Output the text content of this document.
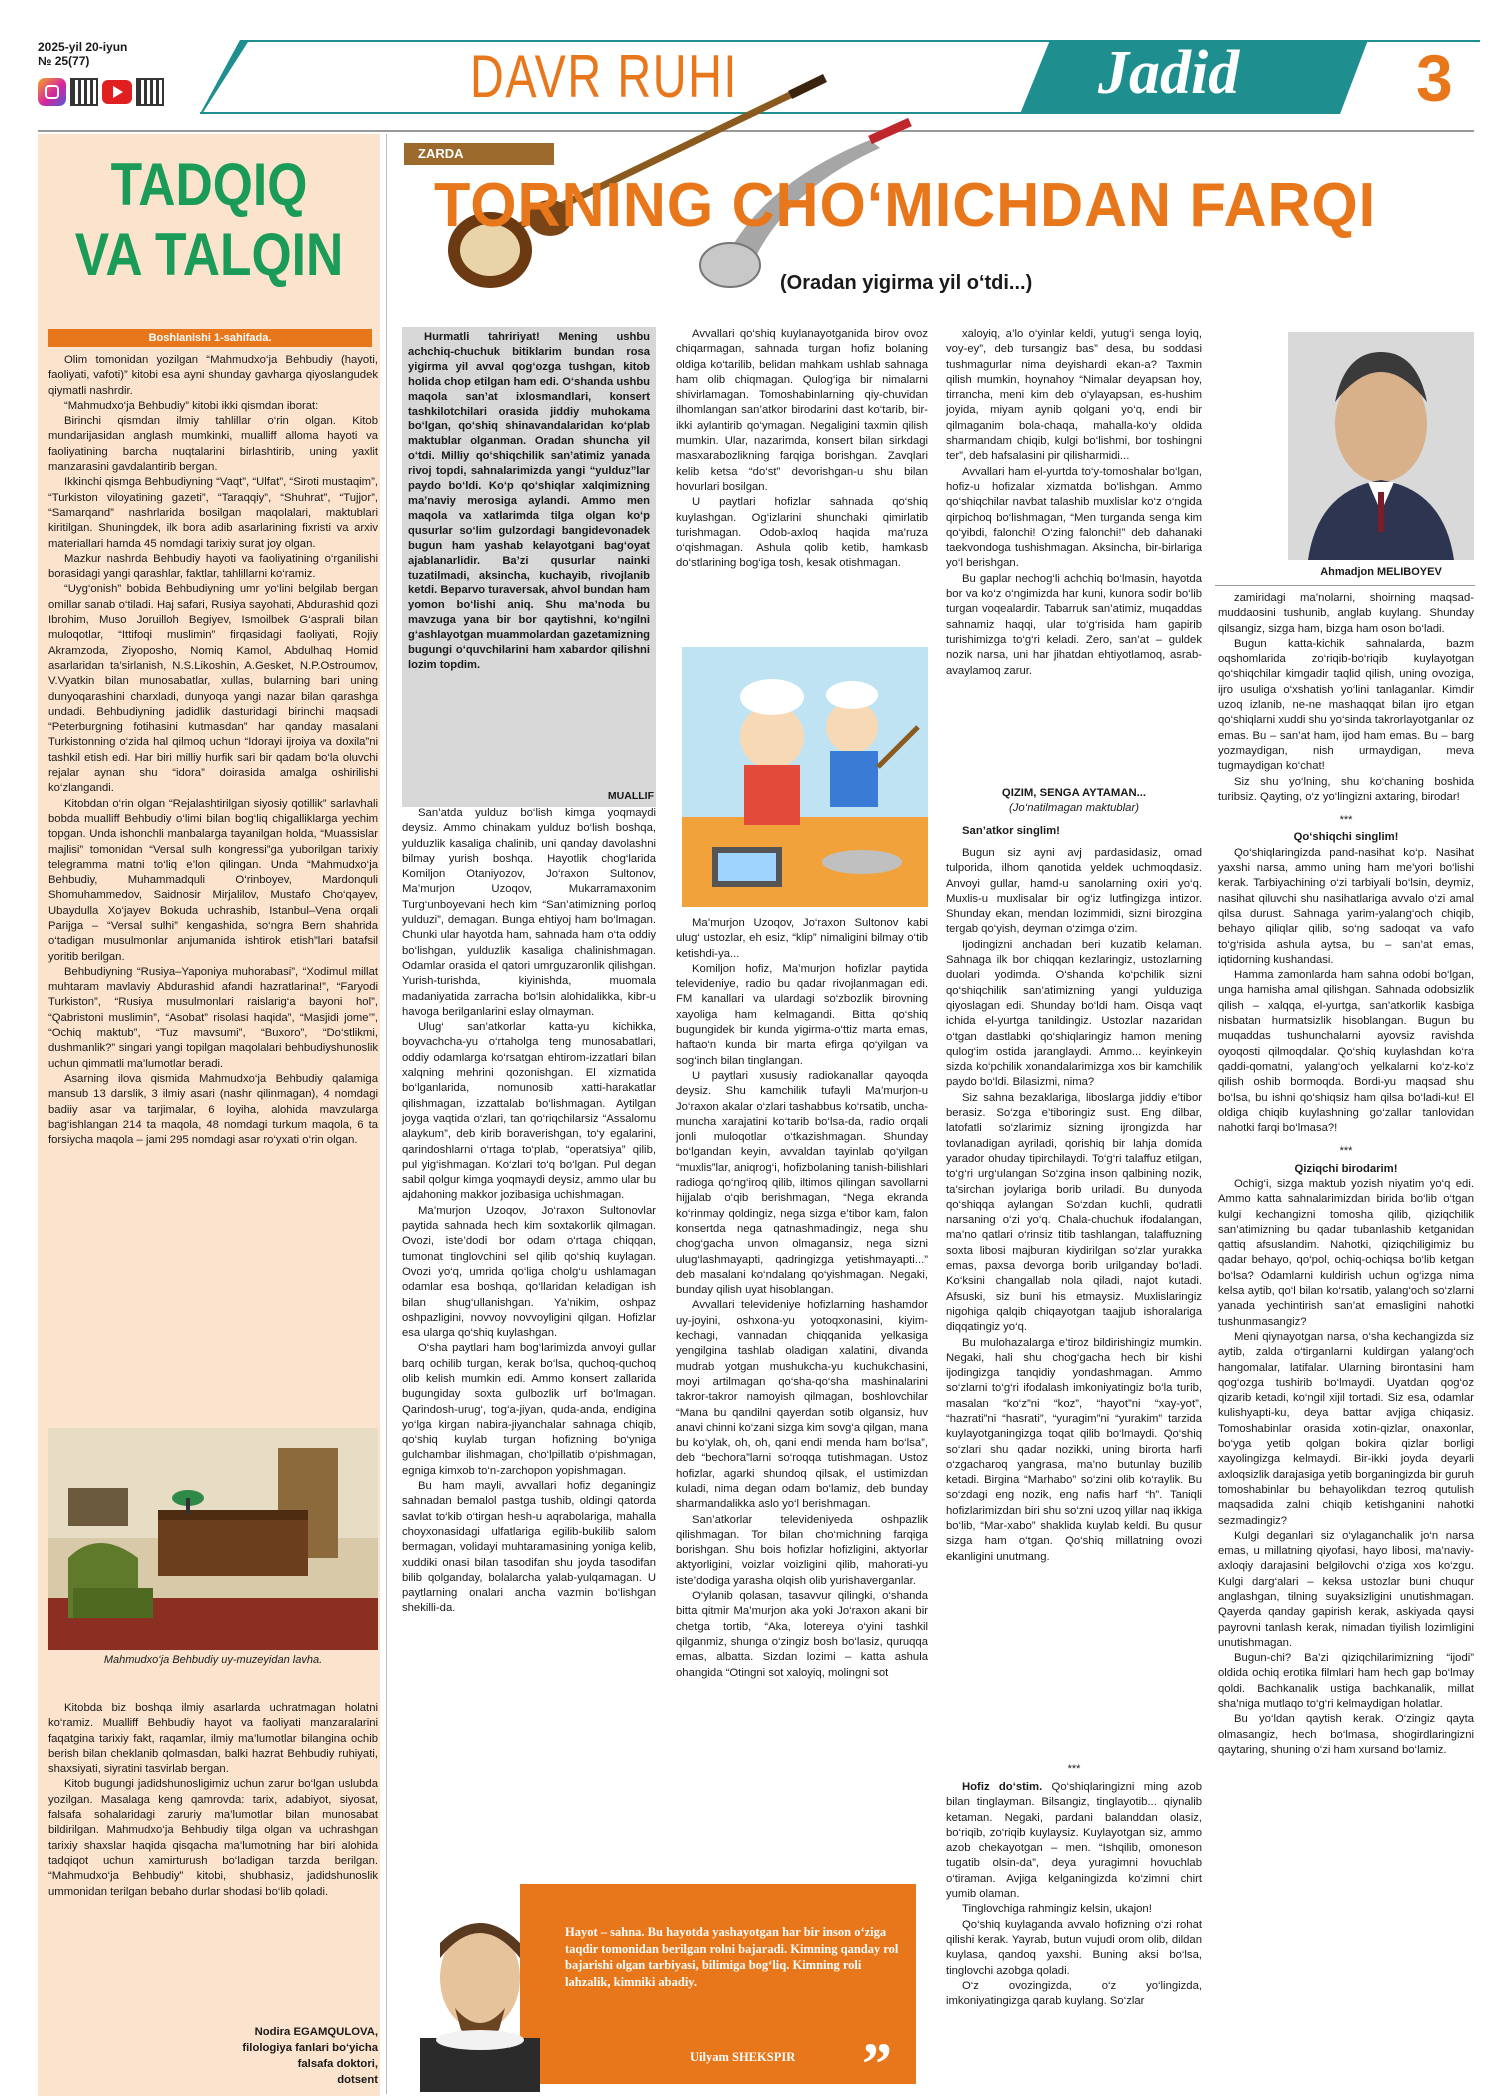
2025-yil 20-iyun
№ 25(77)	DAVR RUHI	Jadid	3
TADQIQ VA TALQIN
Boshlanishi 1-sahifada.

Olim tomonidan yozilgan “Mahmudxo‘ja Behbudiy (hayoti, faoliyati, vafoti)” kitobi esa ayni shunday gavharga qiyoslangudek qiymatli nashrdir.

“Mahmudxo‘ja Behbudiy” kitobi ikki qismdan iborat:

Birinchi qismdan ilmiy tahlillar o‘rin olgan. Kitob mundarijasidan anglash mumkinki, mualliff alloma hayoti va faoliyatining barcha nuqtalarini birlashtirib, uning yaxlit manzarasini gavdalantirib bergan.

Ikkinchi qismga Behbudiyning “Vaqt”, “Ulfat”, “Siroti mustaqim”, “Turkiston viloyatining gazeti”, “Taraqqiy”, “Shuhrat”, “Tujjor”, “Samarqand” nashrlarida bosilgan maqolalari, maktublari kiritilgan. Shuningdek, ilk bora adib asarlarining fixristi va arxiv materiallari hamda 45 nomdagi tarixiy surat joy olgan.

Mazkur nashrda Behbudiy hayoti va faoliyatining o‘rganilishi borasidagi yangi qarashlar, faktlar, tahlillarni ko‘ramiz.

“Uyg‘onish” bobida Behbudiyning umr yo‘lini belgilab bergan omillar sanab o‘tiladi. Haj safari, Rusiya sayohati, Abdurashid qozi Ibrohim, Muso Joruilloh Begiyev, Ismoilbek G‘asprali bilan muloqotlar, “Ittifoqi muslimin” firqasidagi faoliyati, Rojiy Akramzoda, Ziyoposho, Nomiq Kamol, Abdulhaq Homid asarlaridan ta’sirlanish, N.S.Likoshin, A.Gesket, N.P.Ostroumov, V.Vyatkin bilan munosabatlar, xullas, bularning bari uning dunyoqarashini charxladi, dunyoqa yangi nazar bilan qarashga undadi. Behbudiyning jadidlik dasturidagi birinchi maqsadi “Peterburgning fotihasini kutmasdan” har qanday masalani Turkistonning o‘zida hal qilmoq uchun “Idorayi ijroiya va doxila”ni tashkil etish edi. Har biri milliy hurfik sari bir qadam bo‘la oluvchi rejalar aynan shu “idora” doirasida amalga oshirilishi ko‘zlangandi.

Kitobdan o‘rin olgan “Rejalashtirilgan siyosiy qotillik” sarlavhali bobda mualliff Behbudiy o‘limi bilan bog‘liq chigalliklarga yechim topgan. Unda ishonchli manbalarga tayanilgan holda, “Muassislar majlisi” tomonidan “Versal sulh kongressi”ga yuborilgan tarixiy telegramma matni to‘liq e’lon qilingan. Unda “Mahmudxo‘ja Behbudiy, Muhammadquli O‘rinboyev, Mardonquli Shomuhammedov, Saidnosir Mirjalilov, Mustafo Cho‘qayev, Ubaydulla Xo‘jayev Bokuda uchrashib, Istanbul–Vena orqali Parijga – “Versal sulhi” kengashida, so‘ngra Bern shahrida o‘tadigan musulmonlar anjumanida ishtirok etish”lari batafsil yoritib berilgan.

Behbudiyning “Rusiya–Yaponiya muhorabasi”, “Xodimul millat muhtaram mavlaviy Abdurashid afandi hazratlarina!”, “Faryodi Turkiston”, “Rusiya musulmonlari raislarig‘a bayoni hol”, “Qabristoni muslimin”, “Asobat” risolasi haqida”, “Masjidi jome’”, “Ochiq maktub”, “Tuz mavsumi”, “Buxoro”, “Do‘stlikmi, dushmanlik?” singari yangi topilgan maqolalari behbudiyshunoslik uchun qimmatli ma’lumotlar beradi.

Asarning ilova qismida Mahmudxo‘ja Behbudiy qalamiga mansub 13 darslik, 3 ilmiy asari (nashr qilinmagan), 4 nomdagi badiiy asar va tarjimalar, 6 loyiha, alohida mavzularga bag‘ishlangan 214 ta maqola, 48 nomdagi turkum maqola, 6 ta forsiycha maqola – jami 295 nomdagi asar ro‘yxati o‘rin olgan.

Mahmudxo‘ja Behbudiy uy-muzeyidan lavha.

Kitobda biz boshqa ilmiy asarlarda uchratmagan holatni ko‘ramiz. Mualliff Behbudiy hayot va faoliyati manzaralarini faqatgina tarixiy fakt, raqamlar, ilmiy ma’lumotlar bilangina ochib berish bilan cheklanib qolmasdan, balki hazrat Behbudiy ruhiyati, shaxsiyati, siyratini tasvirlab bergan.

Kitob bugungi jadidshunosligimiz uchun zarur bo‘lgan uslubda yozilgan. Masalaga keng qamrovda: tarix, adabiyot, siyosat, falsafa sohalaridagi zaruriy ma’lumotlar bilan munosabat bildirilgan. Mahmudxo‘ja Behbudiy tilga olgan va uchrashgan tarixiy shaxslar haqida qisqacha ma’lumotning har biri alohida tadqiqot uchun xamirturush bo‘ladigan tarzda berilgan. “Mahmudxo‘ja Behbudiy” kitobi, shubhasiz, jadidshunoslik ummonidan terilgan bebaho durlar shodasi bo‘lib qoladi.

Nodira EGAMQULOVA,
filologiya fanlari bo‘yicha
falsafa doktori,
dotsent
ZARDA
TORNING CHO‘MICHDAN FARQI
(Oradan yigirma yil o‘tdi...)
Hurmatli tahririyat! Mening ushbu achchiq-chuchuk bitiklarim bundan rosa yigirma yil avval qog‘ozga tushgan, kitob holida chop etilgan ham edi. O‘shanda ushbu maqola san’at ixlosmandlari, konsert tashkilotchilari orasida jiddiy muhokama bo‘lgan, qo‘shiq shinavandalaridan ko‘plab maktublar olganman. Oradan shuncha yil o‘tdi. Milliy qo‘shiqchilik san’atimiz yanada rivoj topdi, sahnalarimizda yangi “yulduz”lar paydo bo‘ldi. Ko‘p qo‘shiqlar xalqimizning ma’naviy merosiga aylandi. Ammo men maqola va xatlarimda tilga olgan ko‘p qusurlar so‘lim gulzordagi bangidevonadek bugun ham yashab kelayotgani bag‘oyat ajablanarlidir. Ba’zi qusurlar nainki tuzatilmadi, aksincha, kuchayib, rivojlanib ketdi. Beparvo turaversak, ahvol bundan ham yomon bo‘lishi aniq. Shu ma’noda bu mavzuga yana bir bor qaytishni, ko‘ngilni g‘ashlayotgan muammolardan gazetamizning bugungi o‘quvchilarini ham xabardor qilishni lozim topdim.
MUALLIF

San’atda yulduz bo‘lish kimga yoqmaydi deysiz. Ammo chinakam yulduz bo‘lish boshqa, yulduzlik kasaliga chalinib, uni qanday davolashni bilmay yurish boshqa. Hayotlik chog‘larida Komiljon Otaniyozov, Jo‘raxon Sultonov, Ma’murjon Uzoqov, Mukarramaxonim Turg‘unboyevani hech kim “San’atimizning porloq yulduzi”, demagan. Bunga ehtiyoj ham bo‘lmagan. Chunki ular hayotda ham, sahnada ham o‘ta oddiy bo‘lishgan, yulduzlik kasaliga chalinishmagan. Odamlar orasida el qatori umrguzaronlik qilishgan. Yurish-turishda, kiyinishda, muomala madaniyatida zarracha bo‘lsin alohidalikka, kibr-u havoga berilganlarini eslay olmayman.

Ulug‘ san’atkorlar katta-yu kichikka, boyvachcha-yu o‘rtaholga teng munosabatlari, oddiy odamlarga ko‘rsatgan ehtirom-izzatlari bilan xalqning mehrini qozonishgan. El xizmatida bo‘lganlarida, nomunosib xatti-harakatlar qilishmagan, izzattalab bo‘lishmagan. Aytilgan joyga vaqtida o‘zlari, tan qo‘riqchilarsiz “Assalomu alaykum”, deb kirib boraverishgan, to‘y egalarini, qarindoshlarni o‘rtaga to‘plab, “operatsiya” qilib, pul yig‘ishmagan. Ko‘zlari to‘q bo‘lgan. Pul degan sabil qolgur kimga yoqmaydi deysiz, ammo ular bu ajdahoning makkor jozibasiga uchishmagan.

Ma’murjon Uzoqov, Jo‘raxon Sultonovlar paytida sahnada hech kim soxtakorlik qilmagan. Ovozi, iste’dodi bor odam o‘rtaga chiqqan, tumonat tinglovchini sel qilib qo‘shiq kuylagan. Ovozi yo‘q, umrida qo‘liga cholg‘u ushlamagan odamlar esa boshqa, qo‘llaridan keladigan ish bilan shug‘ullanishgan. Ya’nikim, oshpaz oshpazligini, novvoy novvoyligini qilgan. Hofizlar esa ularga qo‘shiq kuylashgan.

O‘sha paytlari ham bog‘larimizda anvoyi gullar barq ochilib turgan, kerak bo‘lsa, quchoq-quchoq olib kelish mumkin edi. Ammo konsert zallarida bugungiday soxta gulbozlik urf bo‘lmagan. Qarindosh-urug‘, tog‘a-jiyan, quda-anda, endigina yo‘lga kirgan nabira-jiyanchalar sahnaga chiqib, qo‘shiq kuylab turgan hofizning bo‘yniga gulchambar ilishmagan, cho‘lpillatib o‘pishmagan, egniga kimxob to‘n-zarchopon yopishmagan.

Bu ham mayli, avvallari hofiz deganingiz sahnadan bemalol pastga tushib, oldingi qatorda savlat to‘kib o‘tirgan hesh-u aqrabolariga, mahalla choyxonasidagi ulfatlariga egilib-bukilib salom bermagan, volidayi muhtaramasining yoniga kelib, xuddiki onasi bilan tasodifan shu joyda tasodifan bilib qolganday, bolalarcha yalab-yulqamagan. U paytlarning onalari ancha vazmin bo‘lishgan shekilli-da.

Avvallari qo‘shiq kuylanayotganida birov ovoz chiqarmagan, sahnada turgan hofiz bolaning oldiga ko‘tarilib, belidan mahkam ushlab sahnaga ham olib chiqmagan. Qulog‘iga bir nimalarni shivirlamagan. Tomoshabinlarning qiy-chuvidan ilhomlangan san’atkor birodarini dast ko‘tarib, bir-ikki aylantirib qo‘ymagan. Negaligini taxmin qilish mumkin. Ular, nazarimda, konsert bilan sirkdagi masxarabozlikning farqiga borishgan. Zavqlari kelib ketsa “do‘st” devorishgan-u shu bilan hovurlari bosilgan.

U paytlari hofizlar sahnada qo‘shiq kuylashgan. Og‘izlarini shunchaki qimirlatib turishmagan. Odob-axloq haqida ma’ruza o‘qishmagan. Ashula qolib ketib, hamkasb do‘stlarining bog‘iga tosh, kesak otishmagan.

Ma’murjon Uzoqov, Jo‘raxon Sultonov kabi ulug‘ ustozlar, eh esiz, “klip” nimaligini bilmay o‘tib ketishdi-ya...

Komiljon hofiz, Ma’murjon hofizlar paytida televideniye, radio bu qadar rivojlanmagan edi. FM kanallari va ulardagi so‘zbozlik birovning xayoliga ham kelmagandi. Bitta qo‘shiq bugungidek bir kunda yigirma-o‘ttiz marta emas, haftao‘n kunda bir marta efirga qo‘yilgan va sog‘inch bilan tinglangan.

U paytlari xususiy radiokanallar qayoqda deysiz. Shu kamchilik tufayli Ma’murjon-u Jo‘raxon akalar o‘zlari tashabbus ko‘rsatib, uncha-muncha xarajatini ko‘tarib bo‘lsa-da, radio orqali jonli muloqotlar o‘tkazishmagan. Shunday bo‘lgandan keyin, avvaldan tayinlab qo‘yilgan “muxlis”lar, aniqrog‘i, hofizbolaning tanish-bilishlari radioga qo‘ng‘iroq qilib, iltimos qilingan savollarni hijjalab o‘qib berishmagan, “Nega ekranda ko‘rinmay qoldingiz, nega sizga e’tibor kam, falon konsertda nega qatnashmadingiz, nega shu chog‘gacha unvon olmagansiz, nega sizni ulug‘lashmayapti, qadringizga yetishmayapti...” deb masalani ko‘ndalang qo‘yishmagan. Negaki, bunday qilish uyat hisoblangan.

Avvallari televideniye hofizlarning hashamdor uy-joyini, oshxona-yu yotoqxonasini, kiyim-kechagi, vannadan chiqqanida yelkasiga yengilgina tashlab oladigan xalatini, divanda mudrab yotgan mushukcha-yu kuchukchasini, moyi artilmagan qo‘sha-qo‘sha mashinalarini takror-takror namoyish qilmagan, boshlovchilar “Mana bu qandilni qayerdan sotib olgansiz, huv anavi chinni ko‘zani sizga kim sovg‘a qilgan, mana bu ko‘ylak, oh, oh, qani endi menda ham bo‘lsa”, deb “bechora”larni so‘roqqa tutishmagan. Ustoz hofizlar, agarki shundoq qilsak, el ustimizdan kuladi, nima degan odam bo‘lamiz, deb bunday sharmandalikka aslo yo‘l berishmagan.

San’atkorlar televideniyeda oshpazlik qilishmagan. Tor bilan cho‘michning farqiga borishgan. Shu bois hofizlar hofizligini, aktyorlar aktyorligini, voizlar voizligini qilib, mahorati-yu iste’dodiga yarasha olqish olib yurishaverganlar.

O‘ylanib qolasan, tasavvur qilingki, o‘shanda bitta qitmir Ma’murjon aka yoki Jo‘raxon akani bir chetga tortib, “Aka, lotereya o‘yini tashkil qilganmiz, shunga o‘zingiz bosh bo‘lasiz, quruqqa emas, albatta. Sizdan lozimi – katta ashula ohangida “Otingni sot xaloyiq, molingni sot

xaloyiq, a’lo o‘yinlar keldi, yutug‘i senga loyiq, voy-ey”, deb tursangiz bas” desa, bu soddasi tushmagurlar nima deyishardi ekan-a? Taxmin qilish mumkin, hoynahoy “Nimalar deyapsan hoy, tirrancha, meni kim deb o‘ylayapsan, es-hushim joyida, miyam aynib qolgani yo‘q, endi bir qilmaganim bola-chaqa, mahalla-ko‘y oldida sharmandam chiqib, kulgi bo‘lishmi, bor toshingni ter”, deb hafsalasini pir qilisharmidi...

Avvallari ham el-yurtda to‘y-tomoshalar bo‘lgan, hofiz-u hofizalar xizmatda bo‘lishgan. Ammo qo‘shiqchilar navbat talashib muxlislar ko‘z o‘ngida qirpichoq bo‘lishmagan, “Men turganda senga kim qo‘yibdi, falonchi! O‘zing falonchi!” deb dahanaki taekvondoga tushishmagan. Aksincha, bir-birlariga yo‘l berishgan.

Bu gaplar nechog‘li achchiq bo‘lmasin, hayotda bor va ko‘z o‘ngimizda har kuni, kunora sodir bo‘lib turgan voqealardir. Tabarruk san’atimiz, muqaddas sahnamiz haqqi, ular to‘g‘risida ham gapirib turishimizga to‘g‘ri keladi. Zero, san’at – guldek nozik narsa, uni har jihatdan ehtiyotlamoq, asrab-avaylamoq zarur.

QIZIM, SENGA AYTAMAN...
(Jo‘natilmagan maktublar)
San’atkor singlim!

Bugun siz ayni avj pardasidasiz, omad tulporida, ilhom qanotida yeldek uchmoqdasiz. Anvoyi gullar, hamd-u sanolarning oxiri yo‘q. Muxlis-u muxlisalar bir og‘iz lutfingizga intizor. Shunday ekan, mendan lozimmidi, sizni birozgina tergab qo‘yish, deyman o‘zimga o‘zim.

Ijodingizni anchadan beri kuzatib kelaman. Sahnaga ilk bor chiqqan kezlaringiz, ustozlarning duolari yodimda. O‘shanda ko‘pchilik sizni qo‘shiqchilik san’atimizning yangi yulduziga qiyoslagan edi. Shunday bo‘ldi ham. Oisqa vaqt ichida el-yurtga tanildingiz. Ustozlar nazaridan o‘tgan dastlabki qo‘shiqlaringiz hamon mening qulog‘im ostida jaranglaydi. Ammo... keyinkeyin sizda ko‘pchilik xonandalarimizga xos bir kamchilik paydo bo‘ldi. Bilasizmi, nima?

Siz sahna bezaklariga, liboslarga jiddiy e’tibor berasiz. So‘zga e’tiboringiz sust. Eng dilbar, latofatli so‘zlarimiz sizning ijrongizda har tovlanadigan ayriladi, qorishiq bir lahja domida yarador ohuday tipirchilaydi. To‘g‘ri talaffuz etilgan, to‘g‘ri urg‘ulangan So‘zgina inson qalbining nozik, ta’sirchan joylariga borib uriladi. Bu dunyoda qo‘shiqqa aylangan So‘zdan kuchli, qudratli narsaning o‘zi yo‘q. Chala-chuchuk ifodalangan, ma’no qatlari o‘rinsiz titib tashlangan, talaffuzning soxta libosi majburan kiydirilgan so‘zlar yurakka emas, paxsa devorga borib urilganday bo‘ladi. Ko‘ksini changallab nola qiladi, najot kutadi. Afsuski, siz buni his etmaysiz. Muxlislaringiz nigohiga qalqib chiqayotgan taajjub ishoralariga diqqatingiz yo‘q.

Bu mulohazalarga e’tiroz bildirishingiz mumkin. Negaki, hali shu chog‘gacha hech bir kishi ijodingizga tanqidiy yondashmagan. Ammo so‘zlarni to‘g‘ri ifodalash imkoniyatingiz bo‘la turib, masalan “ko‘z”ni “koz”, “hayot”ni “xay-yot”, “hazrati”ni “hasrati”, “yuragim”ni “yurakim” tarzida kuylayotganingizga toqat qilib bo‘lmaydi. Qo‘shiq so‘zlari shu qadar nozikki, uning birorta harfi o‘zgacharoq yangrasa, ma’no butunlay buzilib ketadi. Birgina “Marhabo” so‘zini olib ko‘raylik. Bu so‘zdagi eng nozik, eng nafis harf “h”. Taniqli hofizlarimizdan biri shu so‘zni uzoq yillar naq ikkiga bo‘lib, “Mar-xabo” shaklida kuylab keldi. Bu qusur sizga ham o‘tgan. Qo‘shiq millatning ovozi ekanligini unutmang.

***

Hofiz do‘stim. Qo‘shiqlaringizni ming azob bilan tinglayman. Bilsangiz, tinglayotib... qiynalib ketaman. Negaki, pardani balanddan olasiz, bo‘riqib, zo‘riqib kuylaysiz. Kuylayotgan siz, ammo azob chekayotgan – men. “Ishqilib, omoneson tugatib olsin-da”, deya yuragimni hovuchlab o‘tiraman. Avjiga kelganingizda ko‘zimni chirt yumib olaman.

Tinglovchiga rahmingiz kelsin, ukajon!

Qo‘shiq kuylaganda avvalo hofizning o‘zi rohat qilishi kerak. Yayrab, butun vujudi orom olib, dildan kuylasa, qandoq yaxshi. Buning aksi bo‘lsa, tinglovchi azobga qoladi.

O‘z ovozingizda, o‘z yo‘lingizda, imkoniyatingizga qarab kuylang. So‘zlar

“ Hayot – sahna. Bu hayotda yashayotgan har bir inson o‘ziga taqdir tomonidan berilgan rolni bajaradi. Kimning qanday rol bajarishi olgan tarbiyasi, bilimiga bog‘liq. Kimning roli lahzalik, kimniki abadiy.
Uilyam SHEKSPIR ”
Ahmadjon MELIBOYEV

zamiridagi ma’nolarni, shoirning maqsad-muddaosini tushunib, anglab kuylang. Shunday qilsangiz, sizga ham, bizga ham oson bo‘ladi.

Bugun katta-kichik sahnalarda, bazm oqshomlarida zo‘riqib-bo‘riqib kuylayotgan qo‘shiqchilar kimgadir taqlid qilish, uning ovoziga, ijro usuliga o‘xshatish yo‘lini tanlaganlar. Kimdir uzoq izlanib, ne-ne mashaqqat bilan ijro etgan qo‘shiqlarni xuddi shu yo‘sinda takrorlayotganlar oz emas. Bu – san’at ham, ijod ham emas. Bu – barg yozmaydigan, nish urmaydigan, meva tugmaydigan ko‘chat!

Siz shu yo‘lning, shu ko‘chaning boshida turibsiz. Qayting, o‘z yo‘lingizni axtaring, birodar!

***
Qo‘shiqchi singlim!

Qo‘shiqlaringizda pand-nasihat ko‘p. Nasihat yaxshi narsa, ammo uning ham me’yori bo‘lishi kerak. Tarbiyachining o‘zi tarbiyali bo‘lsin, deymiz, nasihat qiluvchi shu nasihatlariga avvalo o‘zi amal qilsa durust. Sahnaga yarim-yalang‘och chiqib, behayo qiliqlar qilib, so‘ng sadoqat va vafo to‘g‘risida ashula aytsa, bu – san’at emas, iqtidorning kushandasi.

Hamma zamonlarda ham sahna odobi bo‘lgan, unga hamisha amal qilishgan. Sahnada odobsizlik qilish – xalqqa, el-yurtga, san’atkorlik kasbiga nisbatan hurmatsizlik hisoblangan. Bugun bu muqaddas tushunchalarni ayovsiz ravishda oyoqosti qilmoqdalar. Qo‘shiq kuylashdan ko‘ra qaddi-qomatni, yalang‘och yelkalarni ko‘z-ko‘z qilish oshib bormoqda. Bordi-yu maqsad shu bo‘lsa, bu ishni qo‘shiqsiz ham qilsa bo‘ladi-ku! El oldiga chiqib kuylashning go‘zallar tanlovidan nahotki farqi bo‘lmasa?!

***
Qiziqchi birodarim!

Ochig‘i, sizga maktub yozish niyatim yo‘q edi. Ammo katta sahnalarimizdan birida bo‘lib o‘tgan kulgi kechangizni tomosha qilib, qiziqchilik san’atimizning bu qadar tubanlashib ketganidan qattiq afsuslandim. Nahotki, qiziqchiligimiz bu qadar behayo, qo‘pol, ochiq-ochiqsa bo‘lib ketgan bo‘lsa? Odamlarni kuldirish uchun og‘izga nima kelsa aytib, qo‘l bilan ko‘rsatib, yalang‘och so‘zlarni yanada yechintirish san’at emasligini nahotki tushunmasangiz?

Meni qiynayotgan narsa, o‘sha kechangizda siz aytib, zalda o‘tirganlarni kuldirgan yalang‘och hangomalar, latifalar. Ularning birontasini ham qog‘ozga tushirib bo‘lmaydi. Uyatdan qog‘oz qizarib ketadi, ko‘ngil xijil tortadi. Siz esa, odamlar kulishyapti-ku, deya battar avjiga chiqasiz. Tomoshabinlar orasida xotin-qizlar, onaxonlar, bo‘yga yetib qolgan bokira qizlar borligi xayolingizga kelmaydi. Bir-ikki joyda deyarli axloqsizlik darajasiga yetib borganingizda bir guruh tomoshabinlar bu behayolikdan tezroq qutulish maqsadida zalni chiqib ketishganini nahotki sezmadingiz?

Kulgi deganlari siz o‘ylaganchalik jo‘n narsa emas, u millatning qiyofasi, hayo libosi, ma’naviy-axloqiy darajasini belgilovchi o‘ziga xos ko‘zgu. Kulgi darg‘alari – keksa ustozlar buni chuqur anglashgan, tilning suyaksizligini unutishmagan. Qayerda qanday gapirish kerak, askiyada qaysi payrovni tanlash kerak, nimadan tiyilish lozimligini unutishmagan.

Bugun-chi? Ba’zi qiziqchilarimizning “ijodi” oldida ochiq erotika filmlari ham hech gap bo‘lmay qoldi. Bachkanalik ustiga bachkanalik, millat sha’niga mutlaqo to‘g‘ri kelmaydigan holatlar.

Bu yo‘ldan qaytish kerak. O‘zingiz qayta olmasangiz, hech bo‘lmasa, shogirdlaringizni qaytaring, shuning o‘zi ham xursand bo‘lamiz.
